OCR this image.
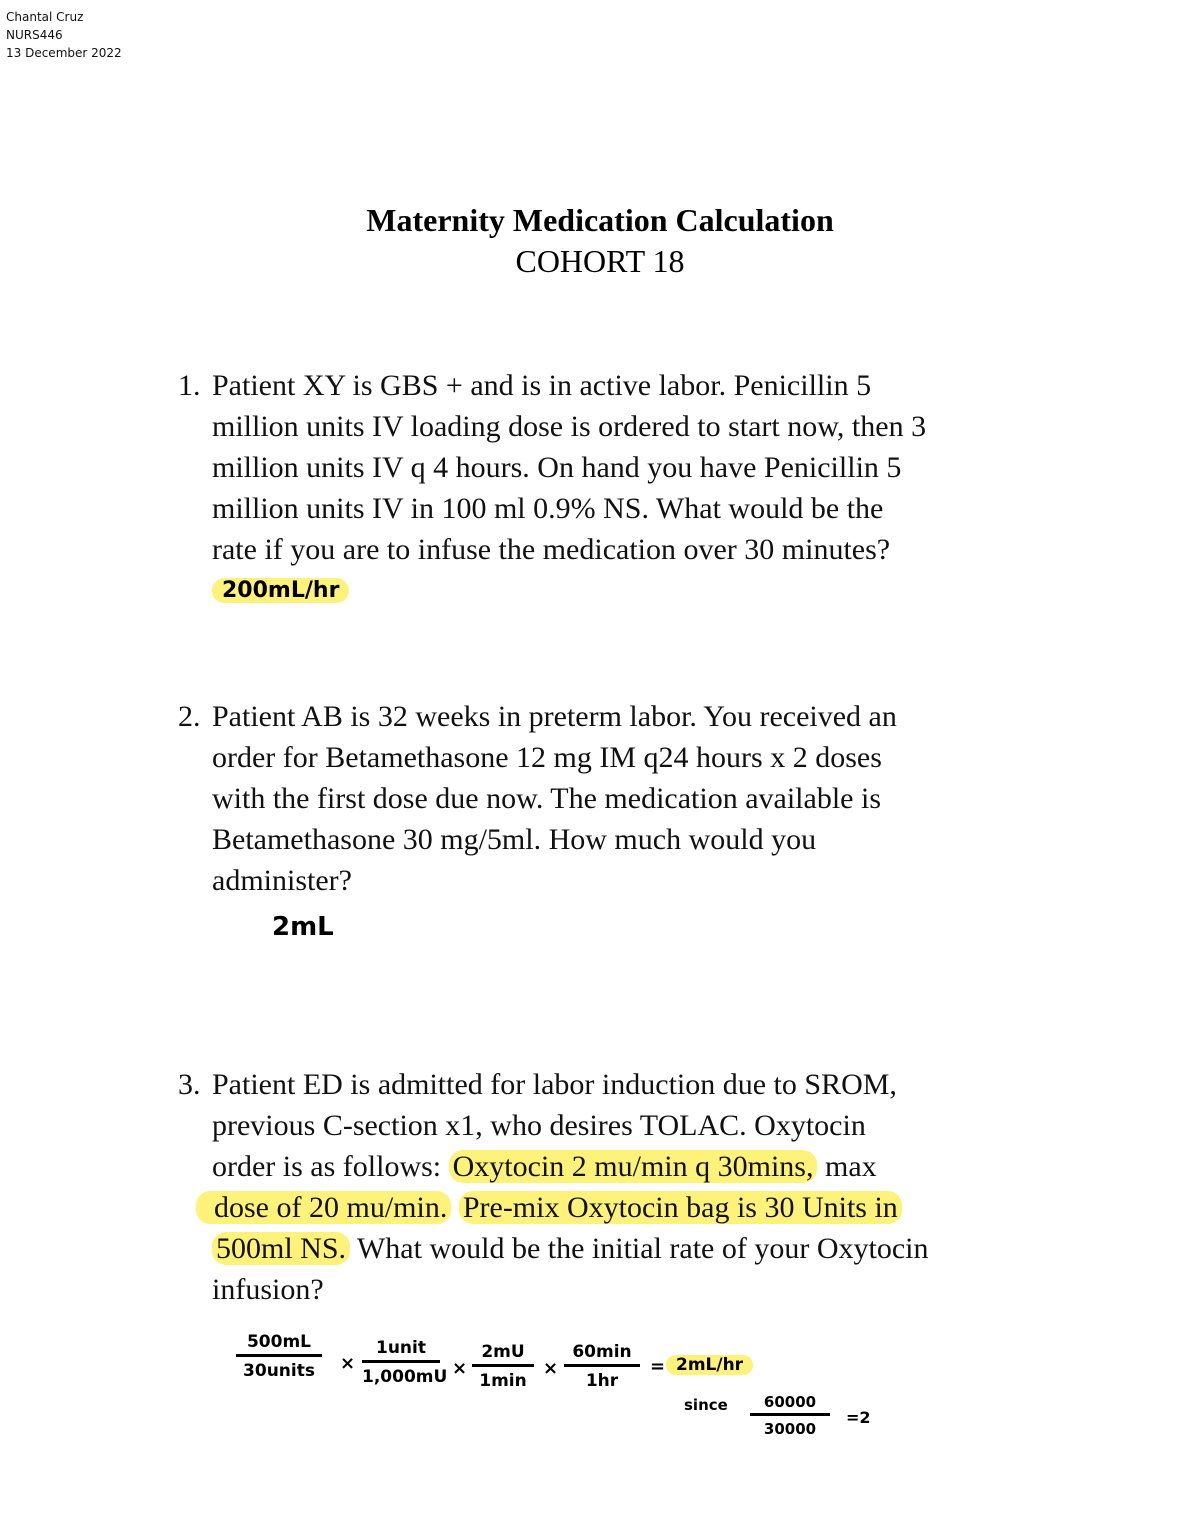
Chantal Cruz
NURS446
13 December 2022
Maternity Medication Calculation
COHORT 18
1. Patient XY is GBS + and is in active labor. Penicillin 5
million units IV loading dose is ordered to start now, then 3
million units IV q 4 hours. On hand you have Penicillin 5
million units IV in 100 ml 0.9% NS. What would be the
rate if you are to infuse the medication over 30 minutes?
200mL/hr
2. Patient AB is 32 weeks in preterm labor. You received an
order for Betamethasone 12 mg IM q24 hours x 2 doses
with the first dose due now. The medication available is
Betamethasone 30 mg/5ml. How much would you
administer?
2mL
3. Patient ED is admitted for labor induction due to SROM,
previous C-section x1, who desires TOLAC. Oxytocin
order is as follows: Oxytocin 2 mu/min q 30mins, max
dose of 20 mu/min. Pre-mix Oxytocin bag is 30 Units in
500ml NS. What would be the initial rate of your Oxytocin
infusion?
500mL
30units	×
1unit
1,000mU ×
2mU
1min
×
60min
1hr
= 2mL/hr
since $\frac{60000}{30000} =2$
